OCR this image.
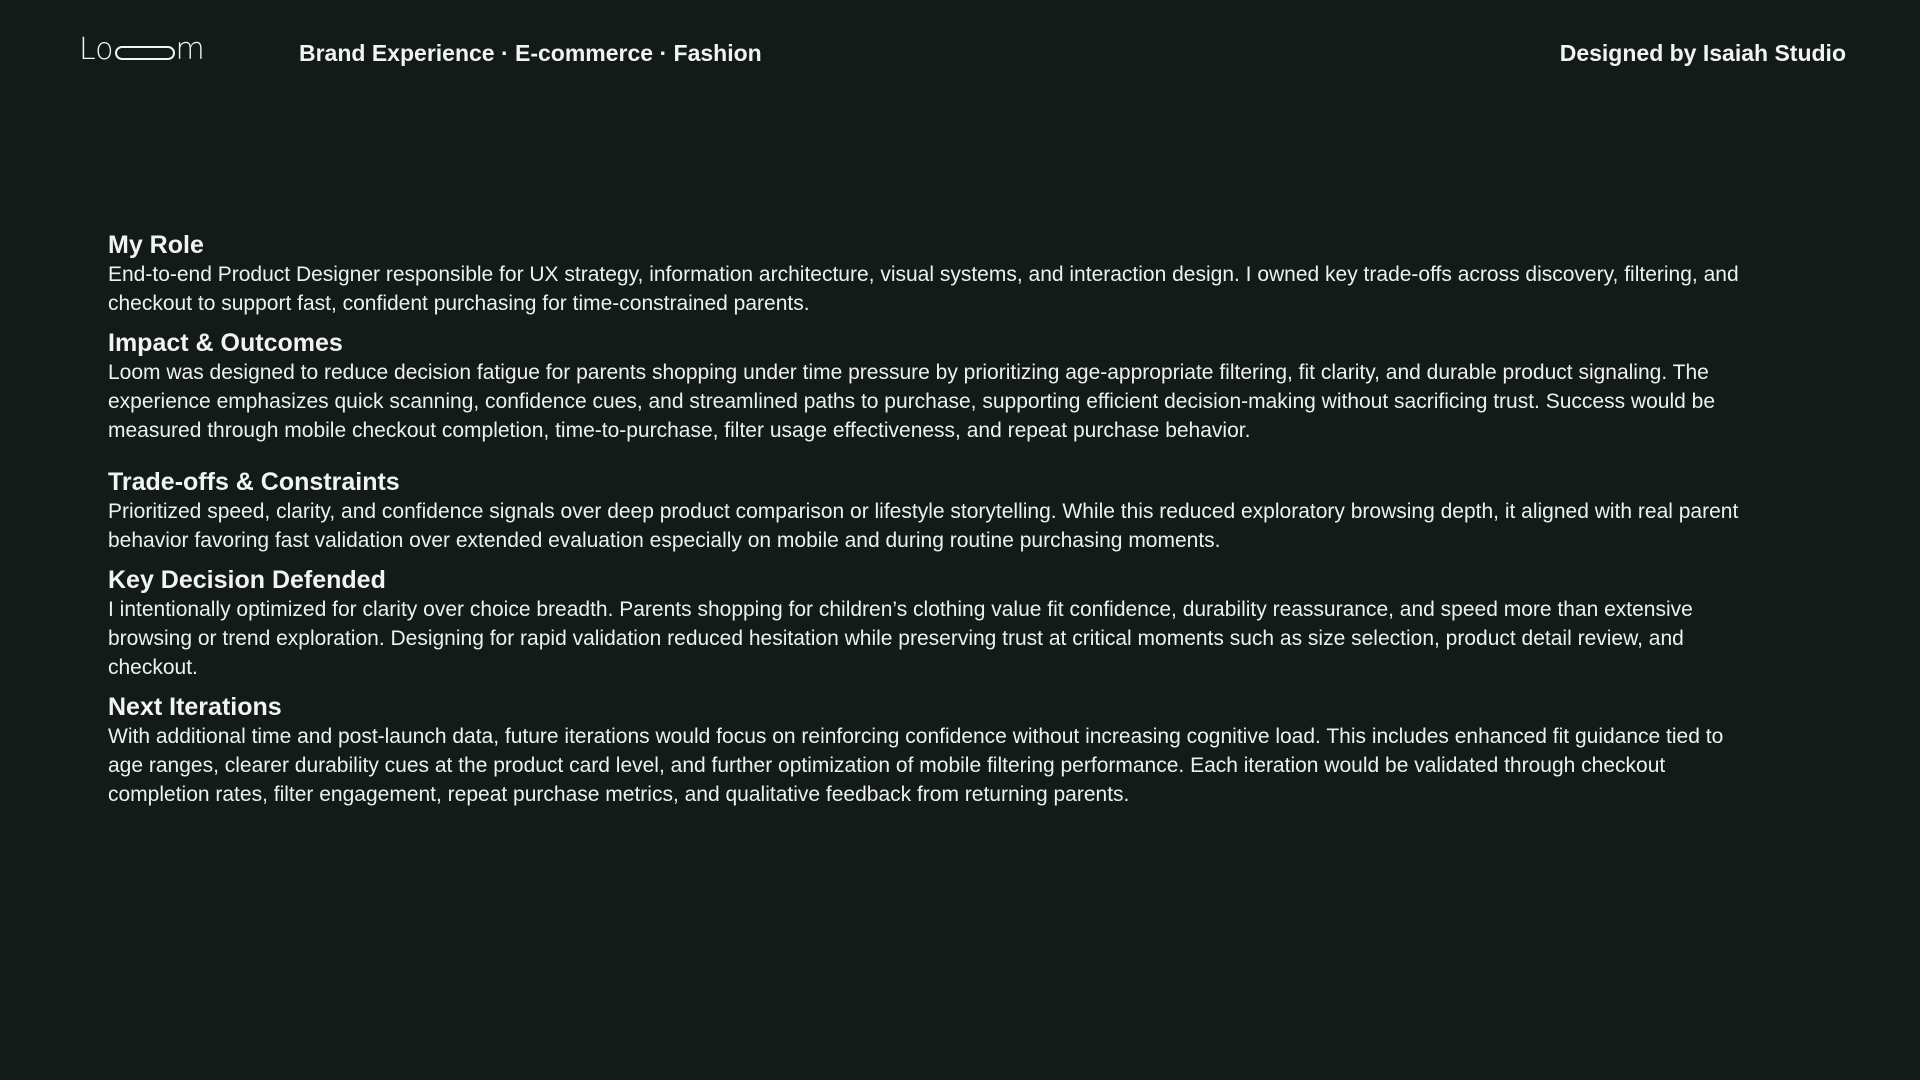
Lo m	Brand Experience · E-commerce · Fashion	Designed by Isaiah Studio
My Role

End-to-end Product Designer responsible for UX strategy, information architecture, visual systems, and interaction design. I owned key trade-offs across discovery, filtering, and checkout to support fast, confident purchasing for time-constrained parents.

Impact & Outcomes

Loom was designed to reduce decision fatigue for parents shopping under time pressure by prioritizing age-appropriate filtering, fit clarity, and durable product signaling. The experience emphasizes quick scanning, confidence cues, and streamlined paths to purchase, supporting efficient decision-making without sacrificing trust. Success would be measured through mobile checkout completion, time-to-purchase, filter usage effectiveness, and repeat purchase behavior.

Trade-offs & Constraints

Prioritized speed, clarity, and confidence signals over deep product comparison or lifestyle storytelling. While this reduced exploratory browsing depth, it aligned with real parent behavior favoring fast validation over extended evaluation especially on mobile and during routine purchasing moments.

Key Decision Defended

I intentionally optimized for clarity over choice breadth. Parents shopping for children’s clothing value fit confidence, durability reassurance, and speed more than extensive browsing or trend exploration. Designing for rapid validation reduced hesitation while preserving trust at critical moments such as size selection, product detail review, and checkout.

Next Iterations

With additional time and post-launch data, future iterations would focus on reinforcing confidence without increasing cognitive load. This includes enhanced fit guidance tied to age ranges, clearer durability cues at the product card level, and further optimization of mobile filtering performance. Each iteration would be validated through checkout completion rates, filter engagement, repeat purchase metrics, and qualitative feedback from returning parents.
